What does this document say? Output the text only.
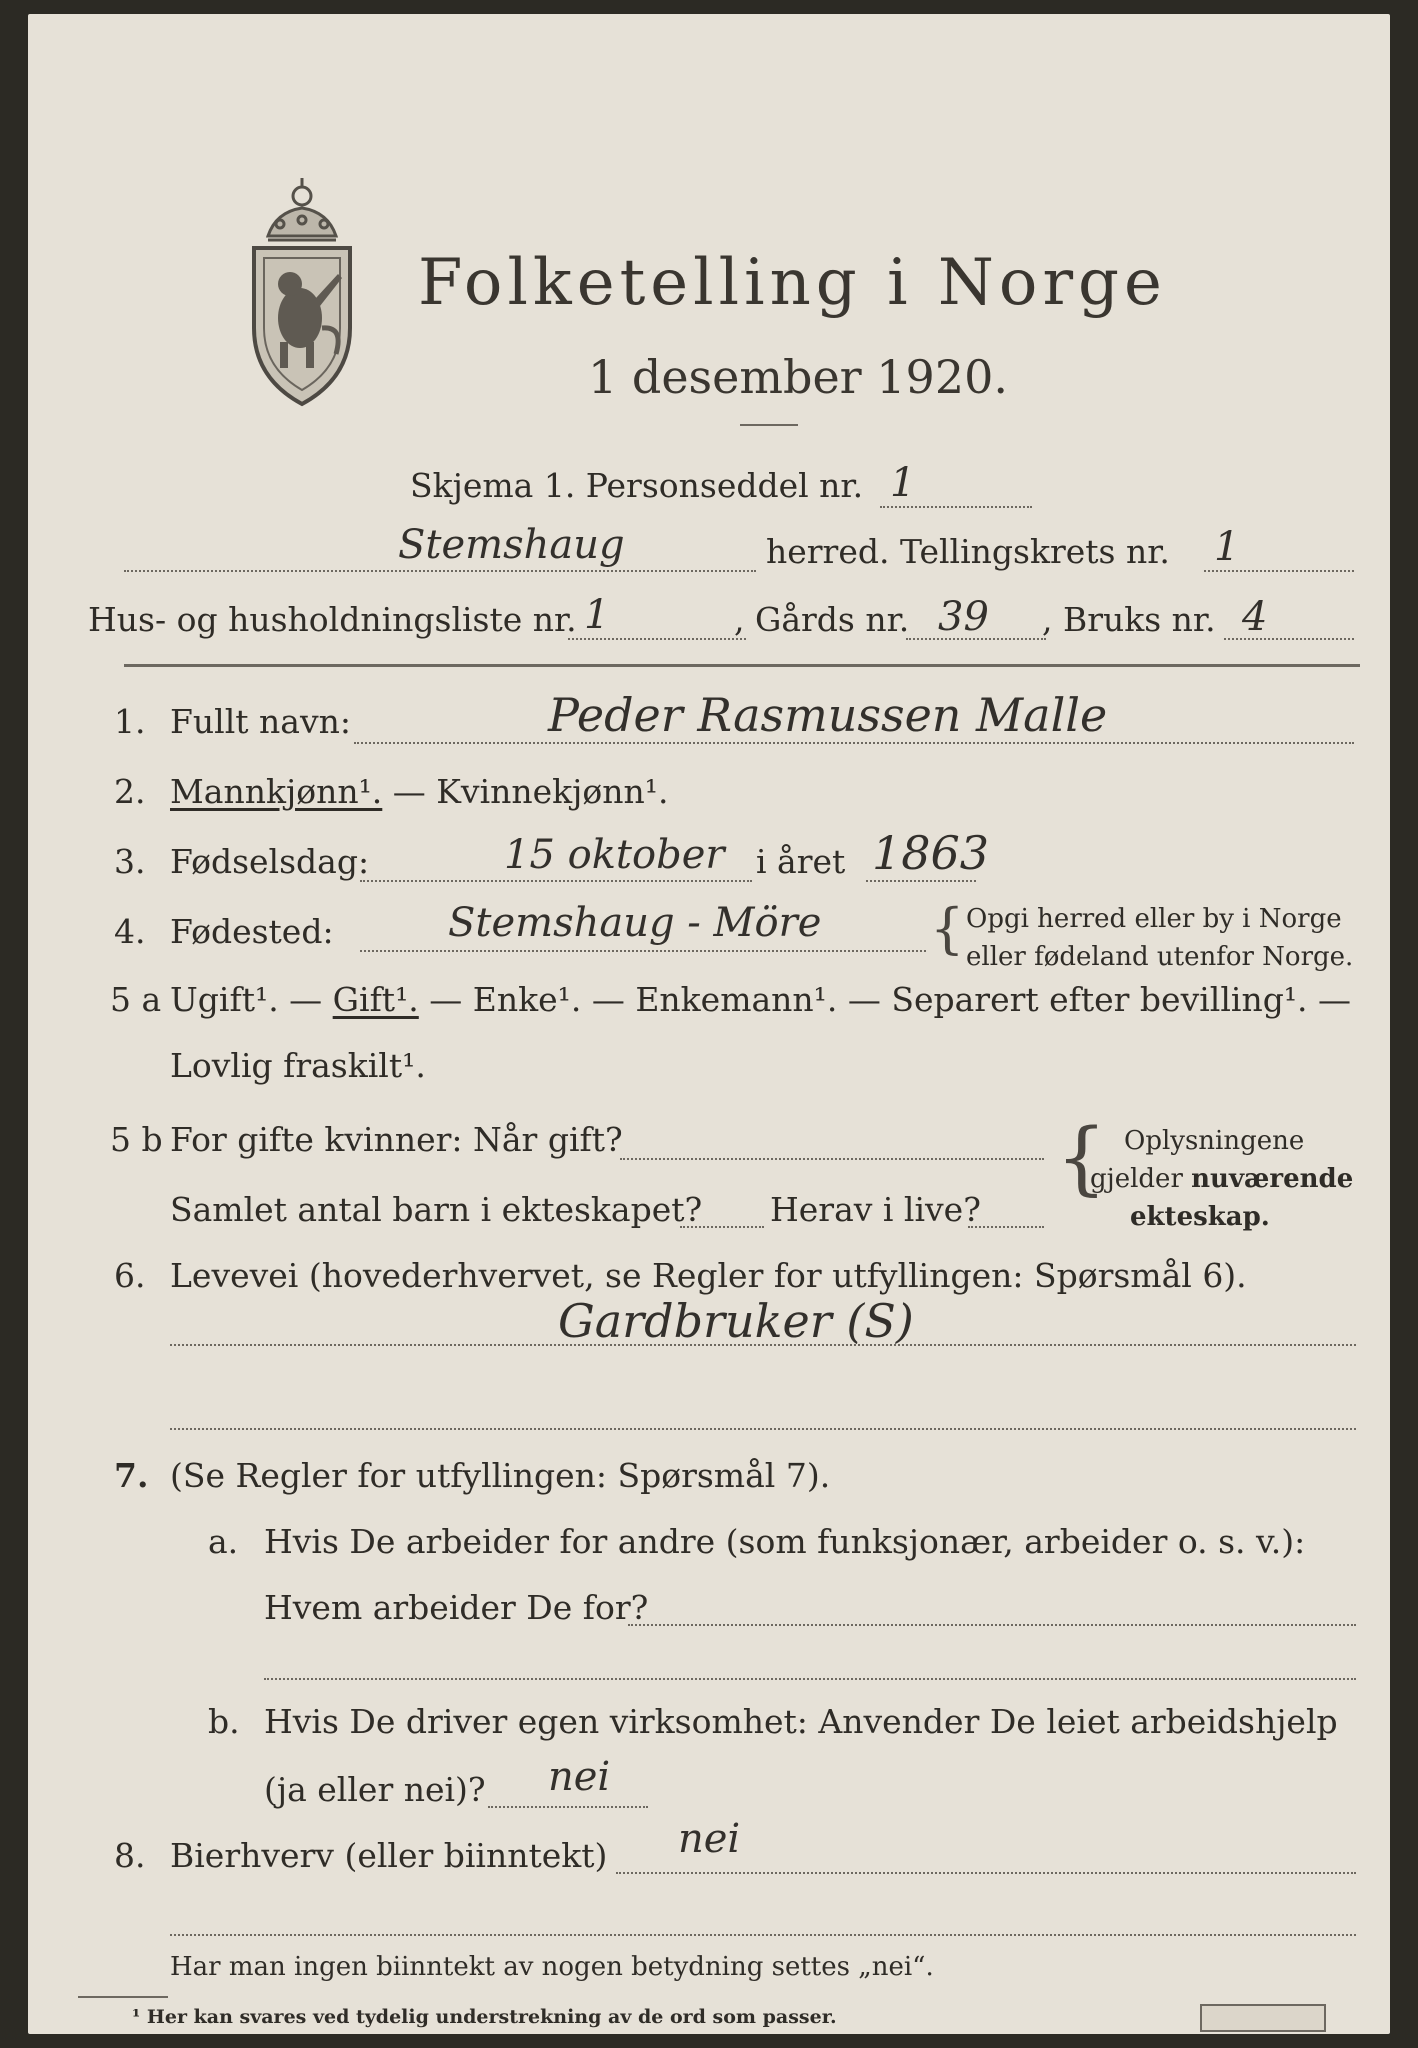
Folketelling i Norge
1 desember 1920.
Skjema 1. Personseddel nr. 1
Stemshaug	herred. Tellingskrets nr. 1
Hus- og husholdningsliste nr. 1	, Gårds nr. 39 , Bruks nr. 4
1. Fullt navn:	Peder Rasmussen Malle
2. Mannkjønn¹. — Kvinnekjønn¹.
3. Fødselsdag:	15 oktober i året 1863
4. Fødested:	Stemshaug - Möre { Opgi herred eller by i Norge
eller fødeland utenfor Norge.
5 a Ugift¹. — Gift¹. — Enke¹. — Enkemann¹. — Separert efter bevilling¹. —
Lovlig fraskilt¹.
5 b For gifte kvinner: Når gift?
Samlet antal barn i ekteskapet? Herav i live?
{ Oplysningene
gjelder nuværende
ekteskap.
6. Levevei (hovederhvervet, se Regler for utfyllingen: Spørsmål 6).
Gardbruker (S)
7. (Se Regler for utfyllingen: Spørsmål 7).
a. Hvis De arbeider for andre (som funksjonær, arbeider o. s. v.):
Hvem arbeider De for?
b. Hvis De driver egen virksomhet: Anvender De leiet arbeidshjelp
(ja eller nei)? nei
8. Bierhverv (eller biinntekt) nei
Har man ingen biinntekt av nogen betydning settes „nei“.
¹ Her kan svares ved tydelig understrekning av de ord som passer.
